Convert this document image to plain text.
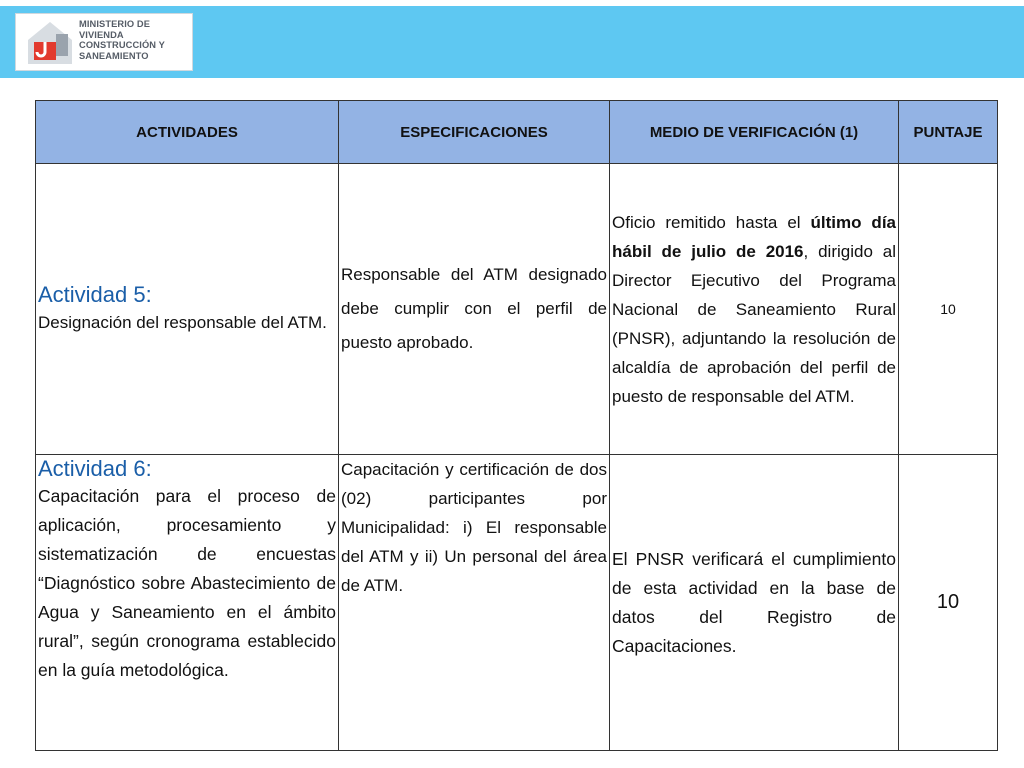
MINISTERIO DE
VIVIENDA
CONSTRUCCIÓN Y
SANEAMIENTO
ACTIVIDADES	ESPECIFICACIONES	MEDIO DE VERIFICACIÓN (1)	PUNTAJE

Actividad 5:
Designación del responsable del ATM.	Responsable del ATM designado debe cumplir con el perfil de puesto aprobado.	Oficio remitido hasta el último día hábil de julio de 2016, dirigido al Director Ejecutivo del Programa Nacional de Saneamiento Rural (PNSR), adjuntando la resolución de alcaldía de aprobación del perfil de puesto de responsable del ATM.	10

Actividad 6:
Capacitación para el proceso de aplicación, procesamiento y sistematización de encuestas “Diagnóstico sobre Abastecimiento de Agua y Saneamiento en el ámbito rural”, según cronograma establecido en la guía metodológica.	Capacitación y certificación de dos (02) participantes por Municipalidad: i) El responsable del ATM y ii) Un personal del área de ATM.	El PNSR verificará el cumplimiento de esta actividad en la base de datos del Registro de Capacitaciones.	10
